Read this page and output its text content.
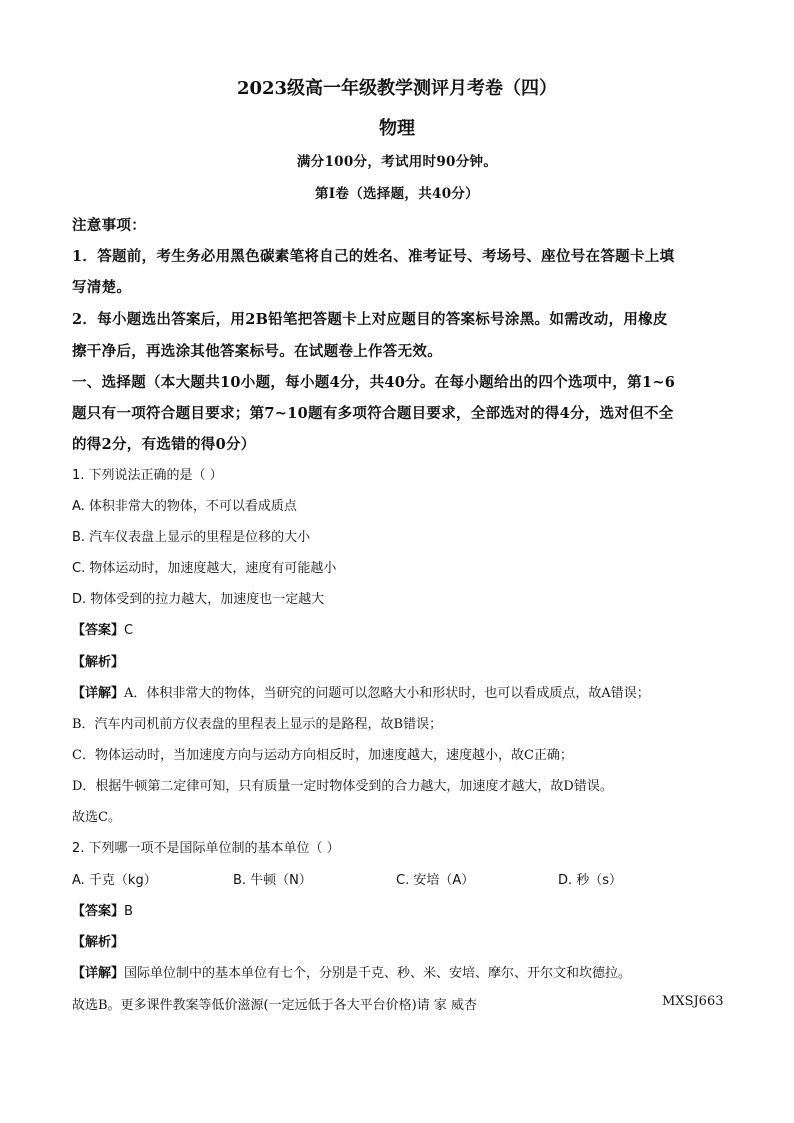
2023级高一年级教学测评月考卷（四）
物理
满分100分，考试用时90分钟。
第I卷（选择题，共40分）
注意事项：
1．答题前，考生务必用黑色碳素笔将自己的姓名、准考证号、考场号、座位号在答题卡上填
写清楚。
2．每小题选出答案后，用2B铅笔把答题卡上对应题目的答案标号涂黑。如需改动，用橡皮
擦干净后，再选涂其他答案标号。在试题卷上作答无效。
一、选择题（本大题共10小题，每小题4分，共40分。在每小题给出的四个选项中，第1~6
题只有一项符合题目要求；第7~10题有多项符合题目要求，全部选对的得4分，选对但不全
的得2分，有选错的得0分）
1. 下列说法正确的是（ ）
A. 体积非常大的物体，不可以看成质点
B. 汽车仪表盘上显示的里程是位移的大小
C. 物体运动时，加速度越大，速度有可能越小
D. 物体受到的拉力越大，加速度也一定越大
【答案】C
【解析】
【详解】A．体积非常大的物体，当研究的问题可以忽略大小和形状时，也可以看成质点，故A错误；
B．汽车内司机前方仪表盘的里程表上显示的是路程，故B错误；
C．物体运动时，当加速度方向与运动方向相反时，加速度越大，速度越小，故C正确；
D．根据牛顿第二定律可知，只有质量一定时物体受到的合力越大，加速度才越大，故D错误。
故选C。
2. 下列哪一项不是国际单位制的基本单位（ ）
A. 千克（kg）	B. 牛顿（N）	C. 安培（A）	D. 秒（s）
【答案】B
【解析】
【详解】国际单位制中的基本单位有七个，分别是千克、秒、米、安培、摩尔、开尔文和坎德拉。
故选B。更多课件教案等低价滋源(一定远低于各大平台价格)请 家 威杏	MXSJ663
